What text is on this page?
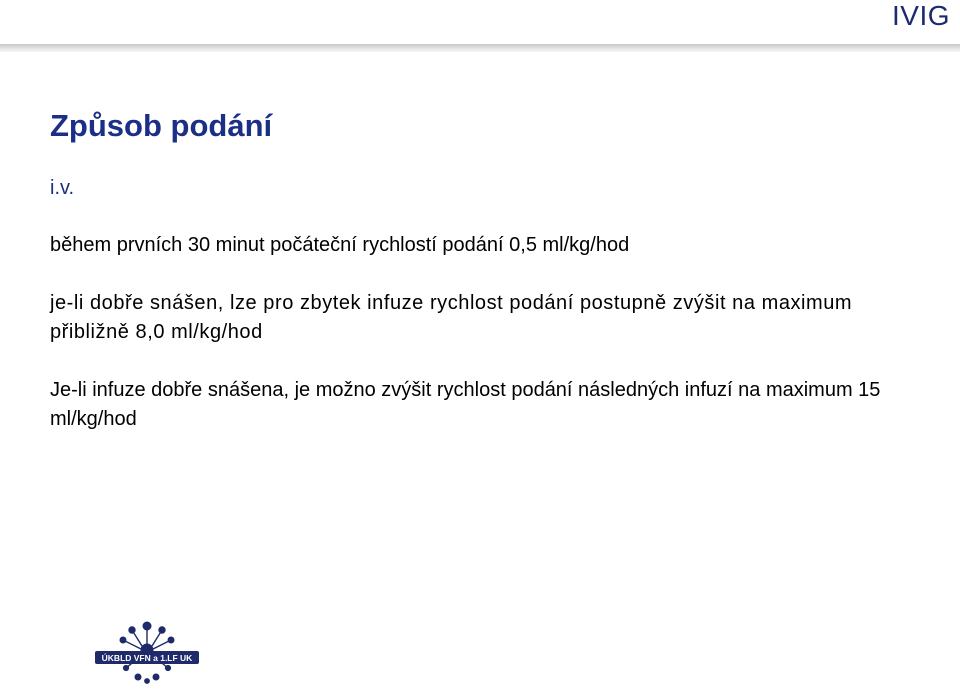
IVIG
Způsob podání
i.v.

během prvních 30 minut počáteční rychlostí podání 0,5 ml/kg/hod

je-li dobře snášen, lze pro zbytek infuze rychlost podání postupně zvýšit na maximum přibližně 8,0 ml/kg/hod

Je-li infuze dobře snášena, je možno zvýšit rychlost podání následných infuzí na maximum 15 ml/kg/hod

ÚKBLD VFN a 1.LF UK
